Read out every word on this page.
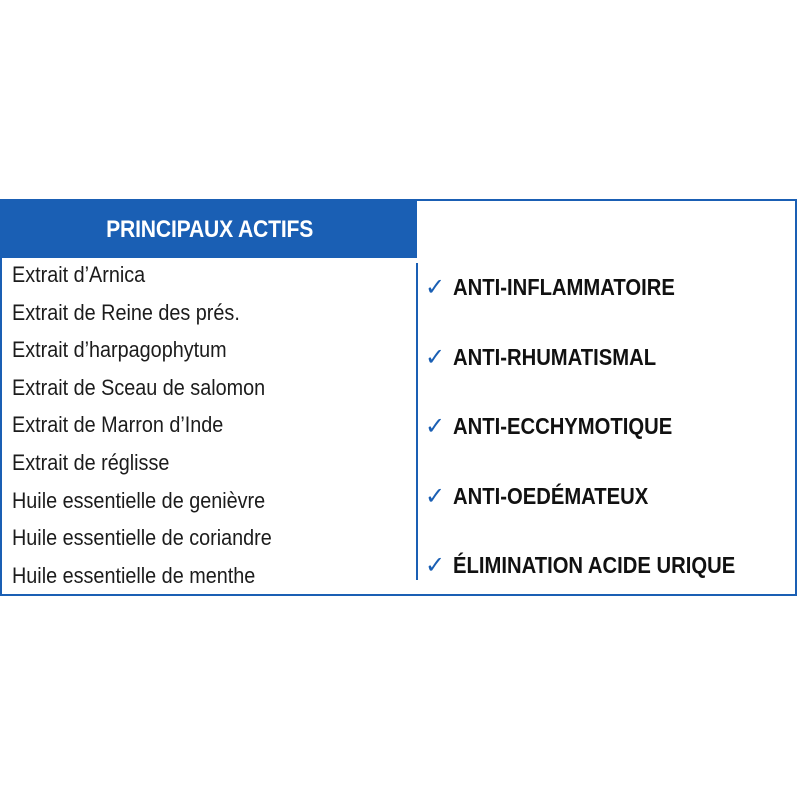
PRINCIPAUX ACTIFS
Extrait d’Arnica
Extrait de Reine des prés.
Extrait d’harpagophytum
Extrait de Sceau de salomon
Extrait de Marron d’Inde
Extrait de réglisse
Huile essentielle de genièvre
Huile essentielle de coriandre
Huile essentielle de menthe
✓ ANTI-INFLAMMATOIRE
✓ ANTI-RHUMATISMAL
✓ ANTI-ECCHYMOTIQUE
✓ ANTI-OEDÉMATEUX
✓ ÉLIMINATION ACIDE URIQUE
